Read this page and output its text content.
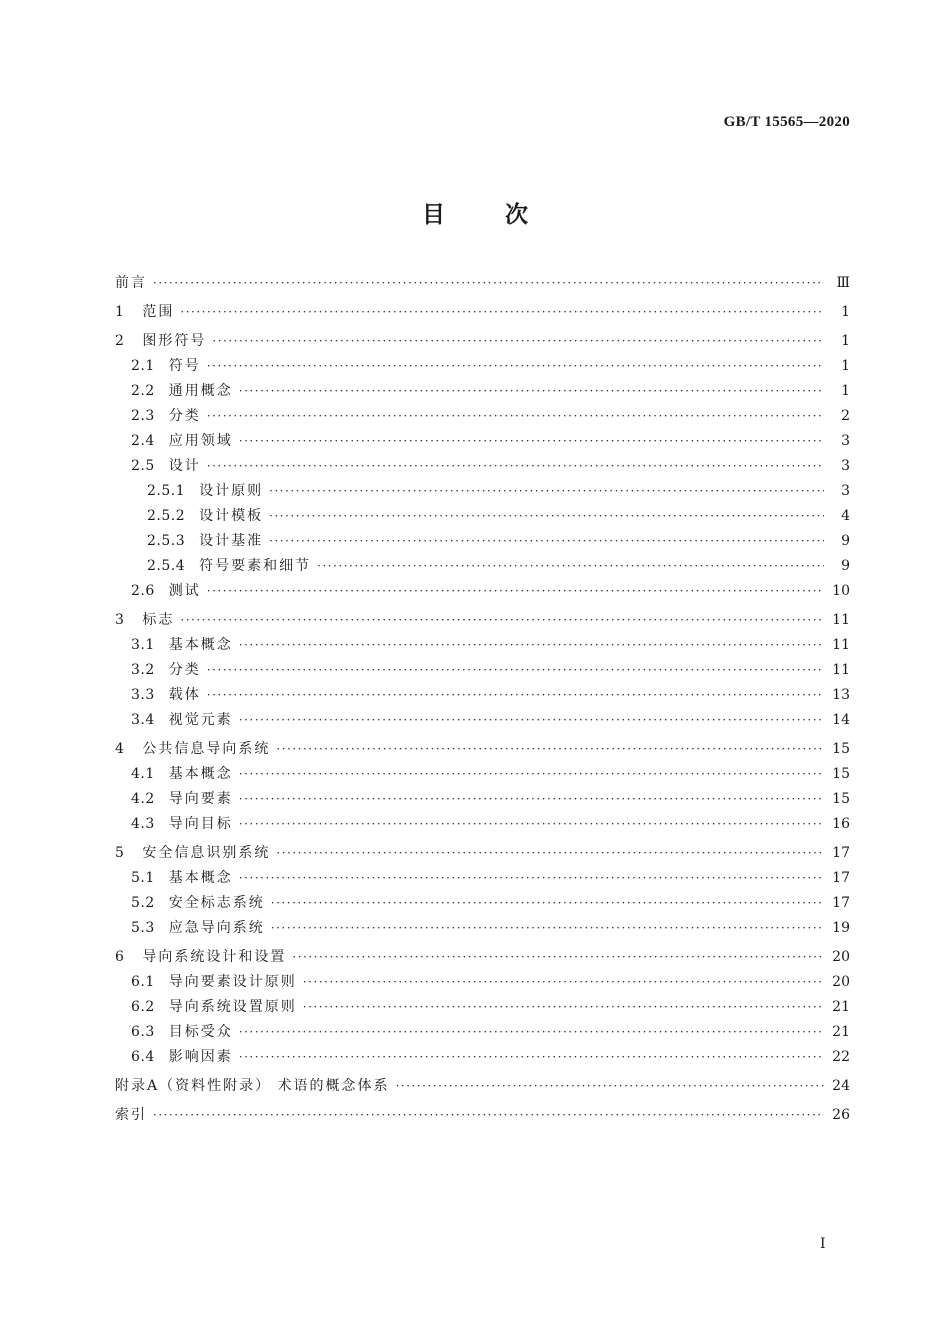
GB/T 15565—2020
目次
前言 ·····	Ⅲ
1 范围 ·····	1
2 图形符号 ·····	1
2.1 符号 ·····	1
2.2 通用概念 ·····	1
2.3 分类 ·····	2
2.4 应用领域 ·····	3
2.5 设计 ·····	3
2.5.1 设计原则 ·····	3
2.5.2 设计模板 ·····	4
2.5.3 设计基准 ·····	9
2.5.4 符号要素和细节 ·····	9
2.6 测试 ·····	10
3 标志 ·····	11
3.1 基本概念 ·····	11
3.2 分类 ·····	11
3.3 载体 ·····	13
3.4 视觉元素 ·····	14
4 公共信息导向系统 ·····	15
4.1 基本概念 ·····	15
4.2 导向要素 ·····	15
4.3 导向目标 ·····	16
5 安全信息识别系统 ·····	17
5.1 基本概念 ·····	17
5.2 安全标志系统 ·····	17
5.3 应急导向系统 ·····	19
6 导向系统设计和设置 ·····	20
6.1 导向要素设计原则 ·····	20
6.2 导向系统设置原则 ·····	21
6.3 目标受众 ·····	21
6.4 影响因素 ·····	22
附录A（资料性附录） 术语的概念体系 ·····	24
索引 ·····	26
Ⅰ
